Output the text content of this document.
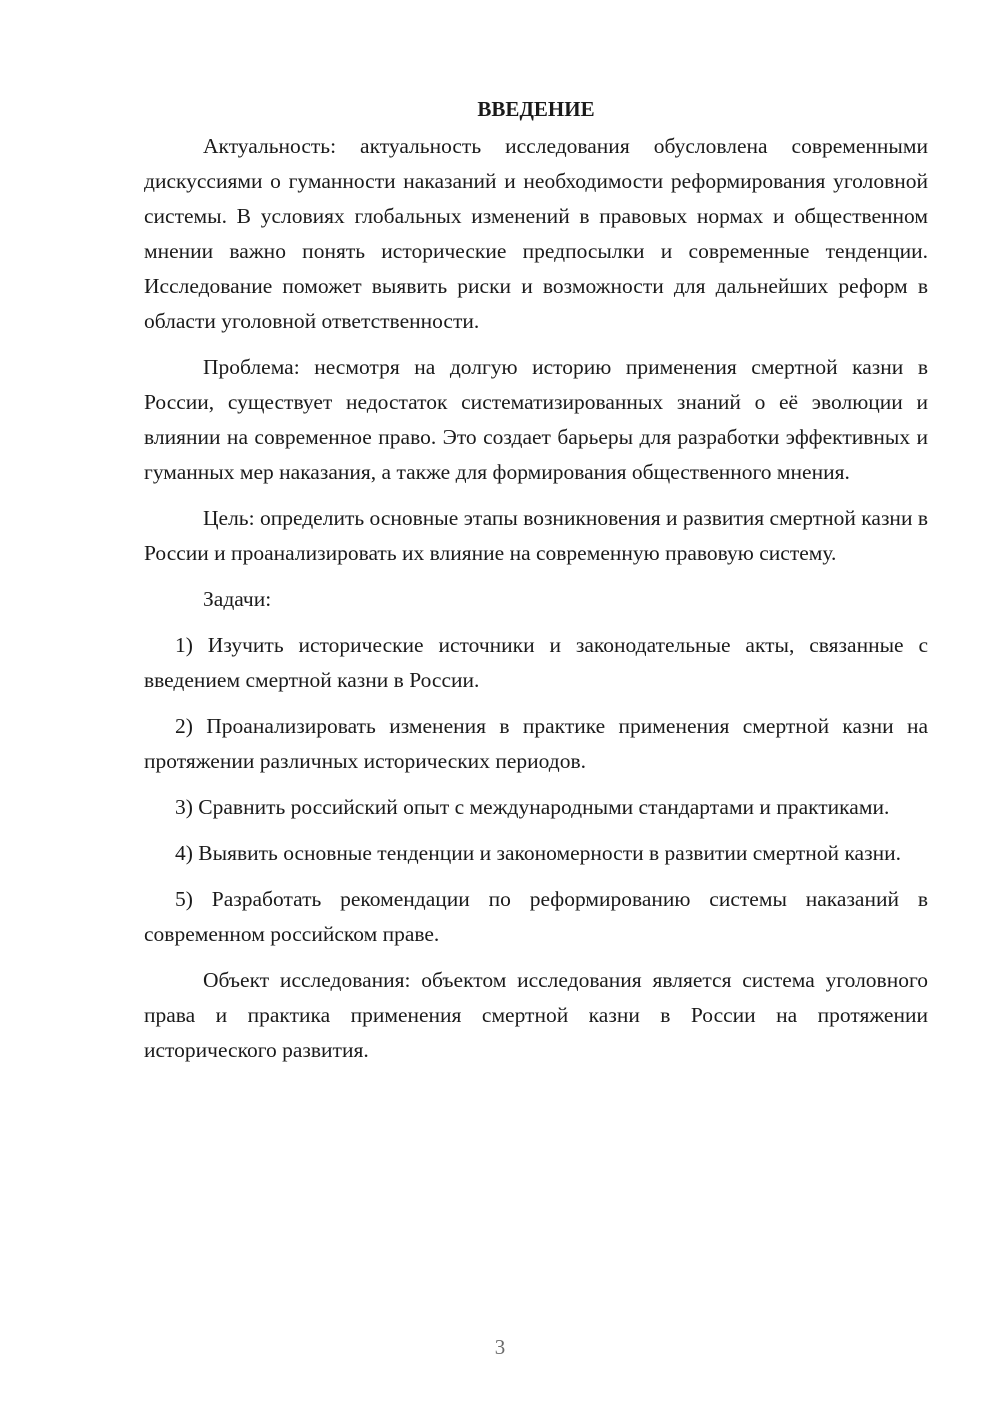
ВВЕДЕНИЕ

Актуальность: актуальность исследования обусловлена современными дискуссиями о гуманности наказаний и необходимости реформирования уголовной системы. В условиях глобальных изменений в правовых нормах и общественном мнении важно понять исторические предпосылки и современные тенденции. Исследование поможет выявить риски и возможности для дальнейших реформ в области уголовной ответственности.

Проблема: несмотря на долгую историю применения смертной казни в России, существует недостаток систематизированных знаний о её эволюции и влиянии на современное право. Это создает барьеры для разработки эффективных и гуманных мер наказания, а также для формирования общественного мнения.

Цель: определить основные этапы возникновения и развития смертной казни в России и проанализировать их влияние на современную правовую систему.

Задачи:

1) Изучить исторические источники и законодательные акты, связанные с введением смертной казни в России.

2) Проанализировать изменения в практике применения смертной казни на протяжении различных исторических периодов.

3) Сравнить российский опыт с международными стандартами и практиками.

4) Выявить основные тенденции и закономерности в развитии смертной казни.

5) Разработать рекомендации по реформированию системы наказаний в современном российском праве.

Объект исследования: объектом исследования является система уголовного права и практика применения смертной казни в России на протяжении исторического развития.

3
